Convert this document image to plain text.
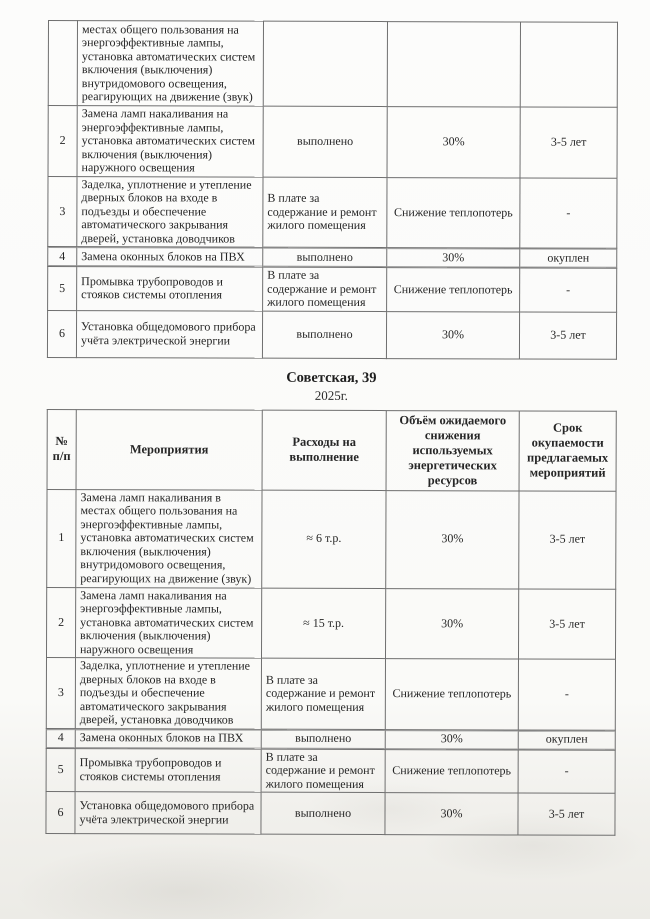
	местах общего пользования на энергоэффективные лампы, установка автоматических систем включения (выключения) внутридомового освещения, реагирующих на движение (звук)			
2	Замена ламп накаливания на энергоэффективные лампы, установка автоматических систем включения (выключения) наружного освещения	выполнено	30%	3-5 лет
3	Заделка, уплотнение и утепление дверных блоков на входе в подъезды и обеспечение автоматического закрывания дверей, установка доводчиков	В плате за содержание и ремонт жилого помещения	Снижение теплопотерь	-
4	Замена оконных блоков на ПВХ	выполнено	30%	окуплен
5	Промывка трубопроводов и стояков системы отопления	В плате за содержание и ремонт жилого помещения	Снижение теплопотерь	-
6	Установка общедомового прибора учёта электрической энергии	выполнено	30%	3-5 лет
Советская, 39
2025г.
№ п/п	Мероприятия	Расходы на выполнение	Объём ожидаемого снижения используемых энергетических ресурсов	Срок окупаемости предлагаемых мероприятий
1	Замена ламп накаливания в местах общего пользования на энергоэффективные лампы, установка автоматических систем включения (выключения) внутридомового освещения, реагирующих на движение (звук)	≈ 6 т.р.	30%	3-5 лет
2	Замена ламп накаливания на энергоэффективные лампы, установка автоматических систем включения (выключения) наружного освещения	≈ 15 т.р.	30%	3-5 лет
3	Заделка, уплотнение и утепление дверных блоков на входе в подъезды и обеспечение автоматического закрывания дверей, установка доводчиков	В плате за содержание и ремонт жилого помещения	Снижение теплопотерь	-
4	Замена оконных блоков на ПВХ	выполнено	30%	окуплен
5	Промывка трубопроводов и стояков системы отопления	В плате за содержание и ремонт жилого помещения	Снижение теплопотерь	-
6	Установка общедомового прибора учёта электрической энергии	выполнено	30%	3-5 лет
